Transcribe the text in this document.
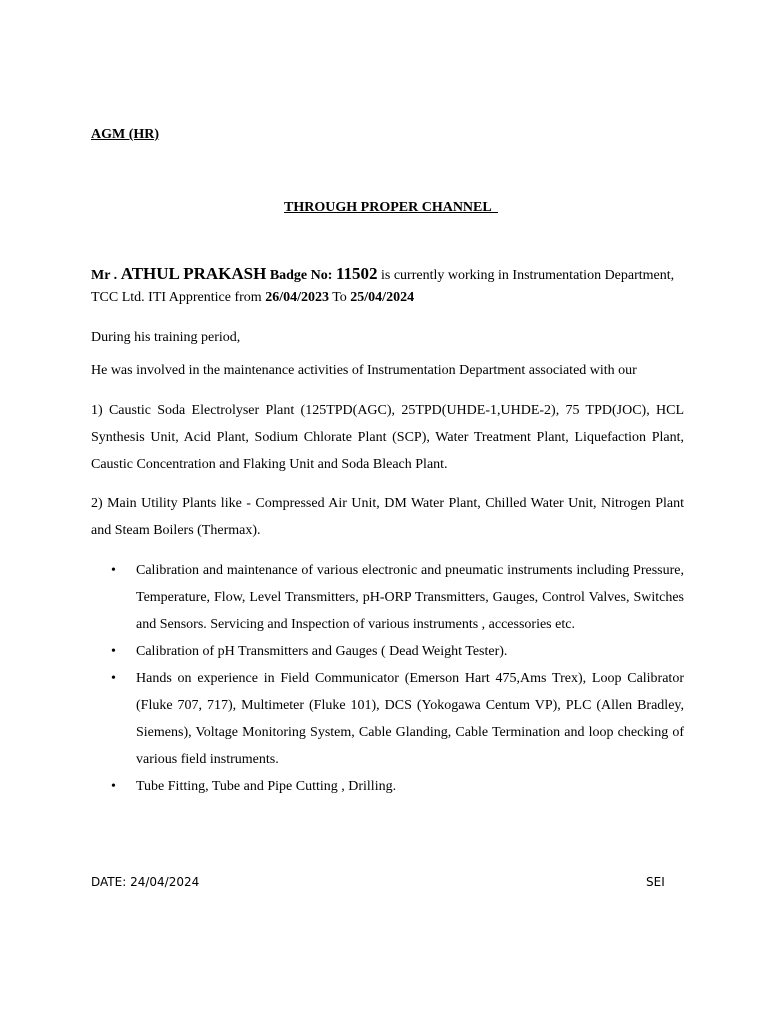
AGM (HR)
THROUGH PROPER CHANNEL
Mr . ATHUL PRAKASH Badge No: 11502 is currently working in Instrumentation Department, TCC Ltd. ITI Apprentice from 26/04/2023 To 25/04/2024
During his training period,
He was involved in the maintenance activities of Instrumentation Department associated with our
1) Caustic Soda Electrolyser Plant (125TPD(AGC), 25TPD(UHDE-1,UHDE-2), 75 TPD(JOC), HCL Synthesis Unit, Acid Plant, Sodium Chlorate Plant (SCP), Water Treatment Plant, Liquefaction Plant, Caustic Concentration and Flaking Unit and Soda Bleach Plant.
2) Main Utility Plants like - Compressed Air Unit, DM Water Plant, Chilled Water Unit, Nitrogen Plant and Steam Boilers (Thermax).
• Calibration and maintenance of various electronic and pneumatic instruments including Pressure, Temperature, Flow, Level Transmitters, pH-ORP Transmitters, Gauges, Control Valves, Switches and Sensors. Servicing and Inspection of various instruments , accessories etc.
• Calibration of pH Transmitters and Gauges ( Dead Weight Tester).
• Hands on experience in Field Communicator (Emerson Hart 475,Ams Trex), Loop Calibrator (Fluke 707, 717), Multimeter (Fluke 101), DCS (Yokogawa Centum VP), PLC (Allen Bradley, Siemens), Voltage Monitoring System, Cable Glanding, Cable Termination and loop checking of various field instruments.
• Tube Fitting, Tube and Pipe Cutting , Drilling.
DATE: 24/04/2024	SEI
